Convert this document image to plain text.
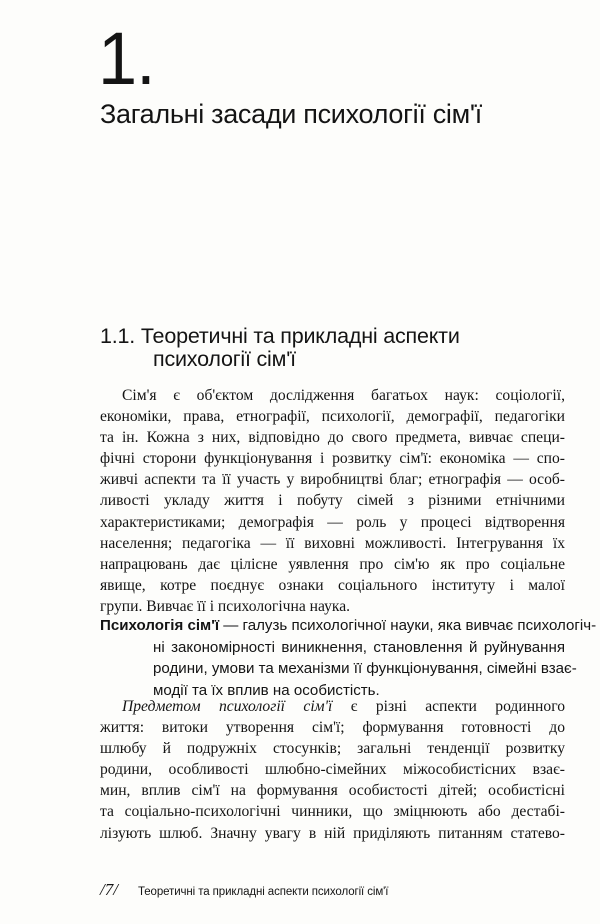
1.
Загальні засади психології сім'ї
1.1. Теоретичні та прикладні аспекти
психології сім'ї
Сім'я є об'єктом дослідження багатьох наук: соціології,
економіки, права, етнографії, психології, демографії, педагогіки
та ін. Кожна з них, відповідно до свого предмета, вивчає специ-
фічні сторони функціонування і розвитку сім'ї: економіка — спо-
живчі аспекти та її участь у виробництві благ; етнографія — особ-
ливості укладу життя і побуту сімей з різними етнічними
характеристиками; демографія — роль у процесі відтворення
населення; педагогіка — її виховні можливості. Інтегрування їх
напрацювань дає цілісне уявлення про сім'ю як про соціальне
явище, котре поєднує ознаки соціального інституту і малої
групи. Вивчає її і психологічна наука.
Психологія сім'ї — галузь психологічної науки, яка вивчає психологіч-
ні закономірності виникнення, становлення й руйнування
родини, умови та механізми її функціонування, сімейні взає-
модії та їх вплив на особистість.
Предметом психології сім'ї є різні аспекти родинного
життя: витоки утворення сім'ї; формування готовності до
шлюбу й подружніх стосунків; загальні тенденції розвитку
родини, особливості шлюбно-сімейних міжособистісних взає-
мин, вплив сім'ї на формування особистості дітей; особистісні
та соціально-психологічні чинники, що зміцнюють або дестабі-
лізують шлюб. Значну увагу в ній приділяють питанням статево-
/7/ Теоретичні та прикладні аспекти психології сім'ї
